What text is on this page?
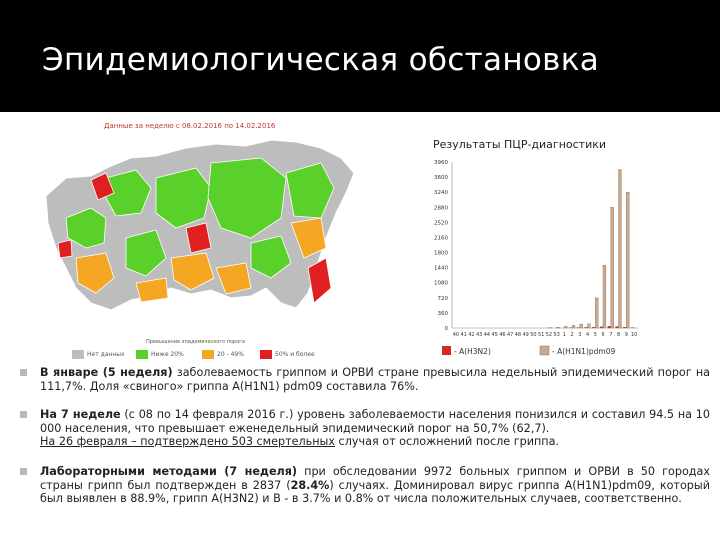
Эпидемиологическая обстановка
Данные за неделю с 08.02.2016 по 14.02.2016
Превышение эпидемического порога
Нет данных	Ниже 20%	20 - 49%	50% и более
Результаты ПЦР-диагностики
3960
3600
3240
2880
2520
2160
1800
1440
1080
720
360
0
40 41 42 43 44 45 46 47 48 49 50 51 52 53 1 2 3 4 5 6 7 8 9 10
- A(H3N2)	- A(H1N1)pdm09
В январе (5 неделя) заболеваемость гриппом и ОРВИ стране превысила недельный эпидемический порог на 111,7%. Доля «свиного» гриппа А(H1N1) pdm09 составила 76%.
На 7 неделе (с 08 по 14 февраля 2016 г.) уровень заболеваемости населения понизился и составил 94.5 на 10 000 населения, что превышает еженедельный эпидемический порог на 50,7% (62,7).
На 26 февраля – подтверждено 503 смертельных случая от осложнений после гриппа.
Лабораторными методами (7 неделя) при обследовании 9972 больных гриппом и ОРВИ в 50 городах страны грипп был подтвержден в 2837 (28.4%) случаях. Доминировал вирус гриппа A(H1N1)pdm09, который был выявлен в 88.9%, грипп А(H3N2) и В - в 3.7% и 0.8% от числа положительных случаев, соответственно.
